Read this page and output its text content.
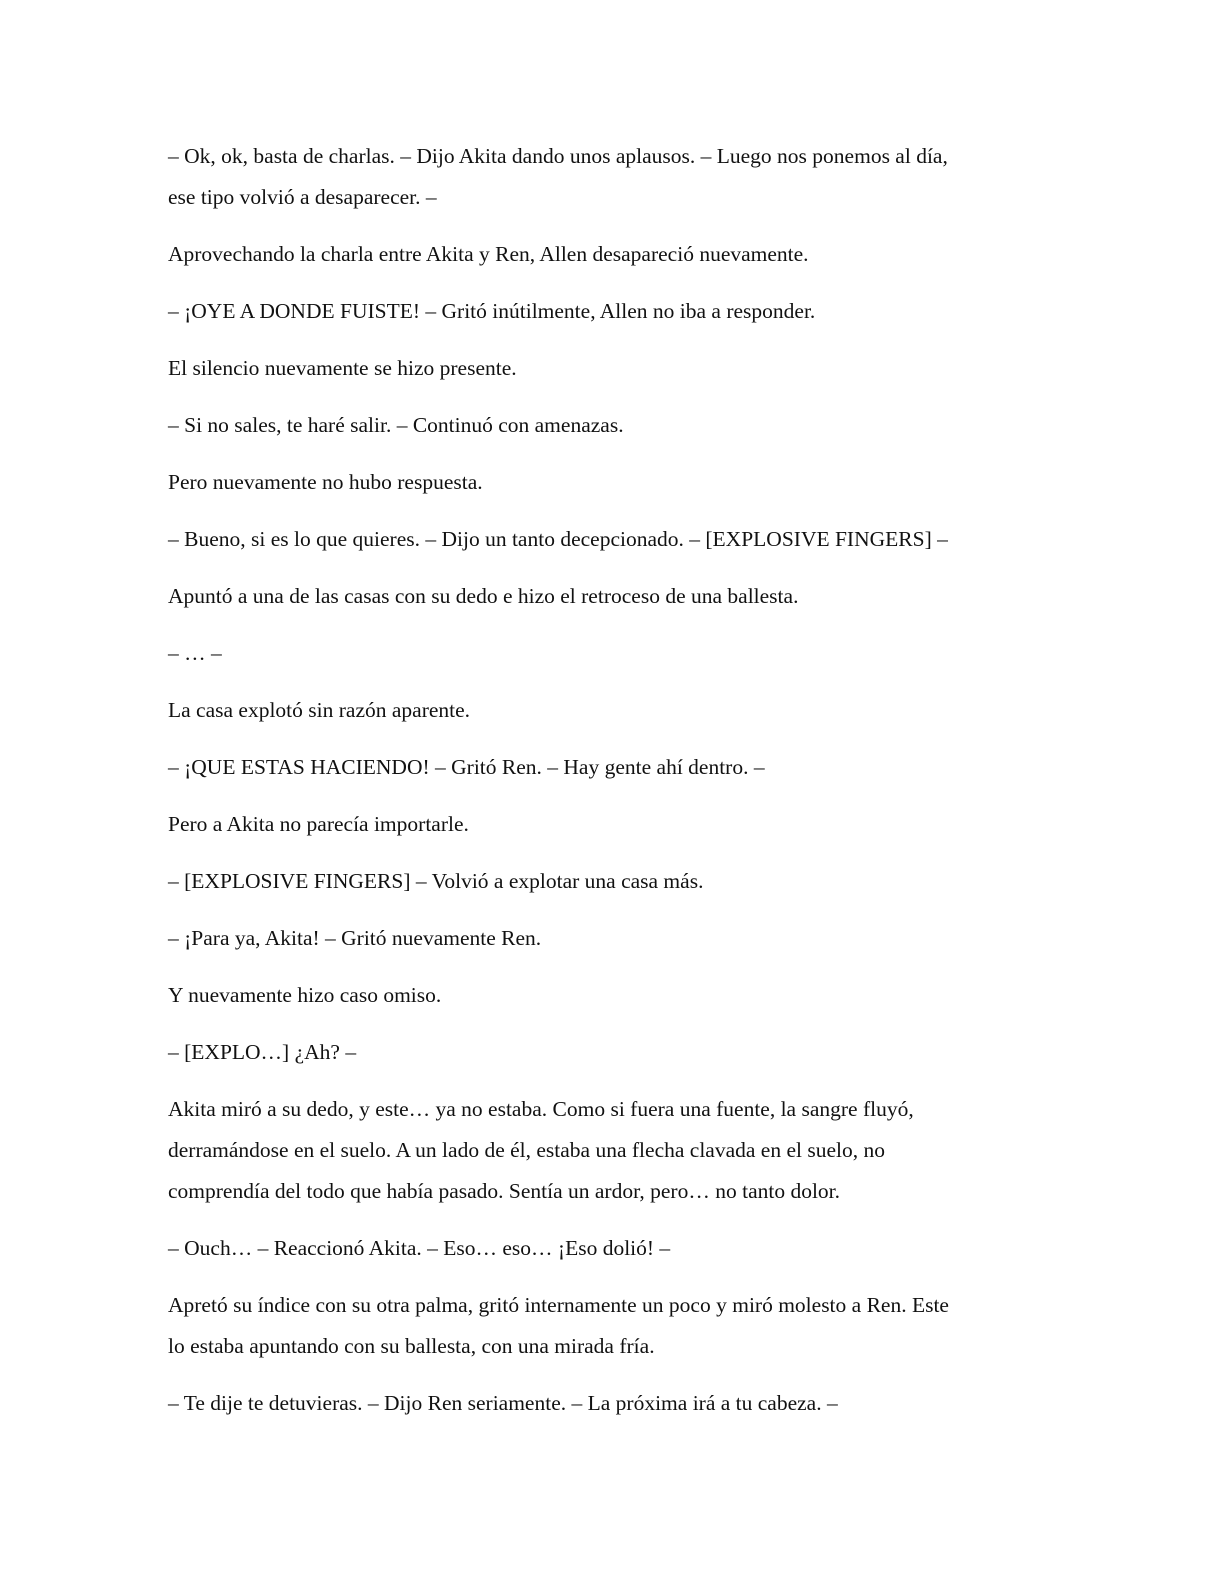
– Ok, ok, basta de charlas. – Dijo Akita dando unos aplausos. – Luego nos ponemos al día,
ese tipo volvió a desaparecer. –

Aprovechando la charla entre Akita y Ren, Allen desapareció nuevamente.

– ¡OYE A DONDE FUISTE! – Gritó inútilmente, Allen no iba a responder.

El silencio nuevamente se hizo presente.

– Si no sales, te haré salir. – Continuó con amenazas.

Pero nuevamente no hubo respuesta.

– Bueno, si es lo que quieres. – Dijo un tanto decepcionado. – [EXPLOSIVE FINGERS] –

Apuntó a una de las casas con su dedo e hizo el retroceso de una ballesta.

– … –

La casa explotó sin razón aparente.

– ¡QUE ESTAS HACIENDO! – Gritó Ren. – Hay gente ahí dentro. –

Pero a Akita no parecía importarle.

– [EXPLOSIVE FINGERS] – Volvió a explotar una casa más.

– ¡Para ya, Akita! – Gritó nuevamente Ren.

Y nuevamente hizo caso omiso.

– [EXPLO…] ¿Ah? –

Akita miró a su dedo, y este… ya no estaba. Como si fuera una fuente, la sangre fluyó,
derramándose en el suelo. A un lado de él, estaba una flecha clavada en el suelo, no
comprendía del todo que había pasado. Sentía un ardor, pero… no tanto dolor.

– Ouch… – Reaccionó Akita. – Eso… eso… ¡Eso dolió! –

Apretó su índice con su otra palma, gritó internamente un poco y miró molesto a Ren. Este
lo estaba apuntando con su ballesta, con una mirada fría.

– Te dije te detuvieras. – Dijo Ren seriamente. – La próxima irá a tu cabeza. –
